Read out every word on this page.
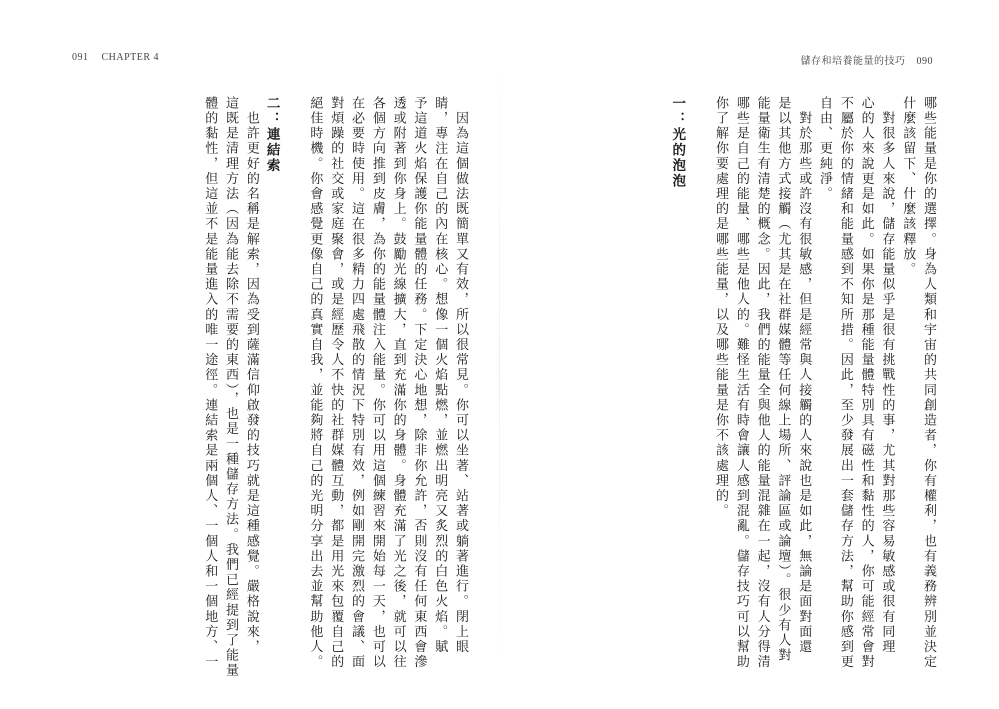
091 CHAPTER 4	儲存和培養能量的技巧 090
哪些能量是你的選擇。身為人類和宇宙的共同創造者，你有權利，也有義務辨別並決定
什麼該留下、什麼該釋放。
　對很多人來說，儲存能量似乎是很有挑戰性的事，尤其對那些容易敏感或很有同理
心的人來說更是如此。如果你是那種能量體特別具有磁性和黏性的人，你可能經常會對
不屬於你的情緒和能量感到不知所措。因此，至少發展出一套儲存方法，幫助你感到更
自由、更純淨。
　對於那些或許沒有很敏感，但是經常與人接觸的人來說也是如此，無論是面對面還
是以其他方式接觸（尤其是在社群媒體等任何線上場所、評論區或論壇）。很少有人對
能量衛生有清楚的概念。因此，我們的能量全與他人的能量混雜在一起，沒有人分得清
哪些是自己的能量、哪些是他人的。難怪生活有時會讓人感到混亂。儲存技巧可以幫助
你了解你要處理的是哪些能量，以及哪些能量是你不該處理的。
一：光的泡泡
　因為這個做法既簡單又有效，所以很常見。你可以坐著、站著或躺著進行。閉上眼
睛，專注在自己的內在核心。想像一個火焰點燃，並燃出明亮又炙烈的白色火焰。賦
予這道火焰保護你能量體的任務。下定決心地想，除非你允許，否則沒有任何東西會滲
透或附著到你身上。鼓勵光線擴大，直到充滿你的身體。身體充滿了光之後，就可以往
各個方向推到皮膚，為你的能量體注入能量。你可以用這個練習來開始每一天，也可以
在必要時使用。這在很多精力四處飛散的情況下特別有效，例如剛開完激烈的會議、面
對煩躁的社交或家庭聚會，或是經歷令人不快的社群媒體互動，都是用光來包覆自己的
絕佳時機。你會感覺更像自己的真實自我，並能夠將自己的光明分享出去並幫助他人。
二：連結索
　也許更好的名稱是解索，因為受到薩滿信仰啟發的技巧就是這種感覺。嚴格說來，
這既是清理方法（因為能去除不需要的東西），也是一種儲存方法。我們已經提到了能量
體的黏性，但這並不是能量進入的唯一途徑。連結索是兩個人、一個人和一個地方、一
